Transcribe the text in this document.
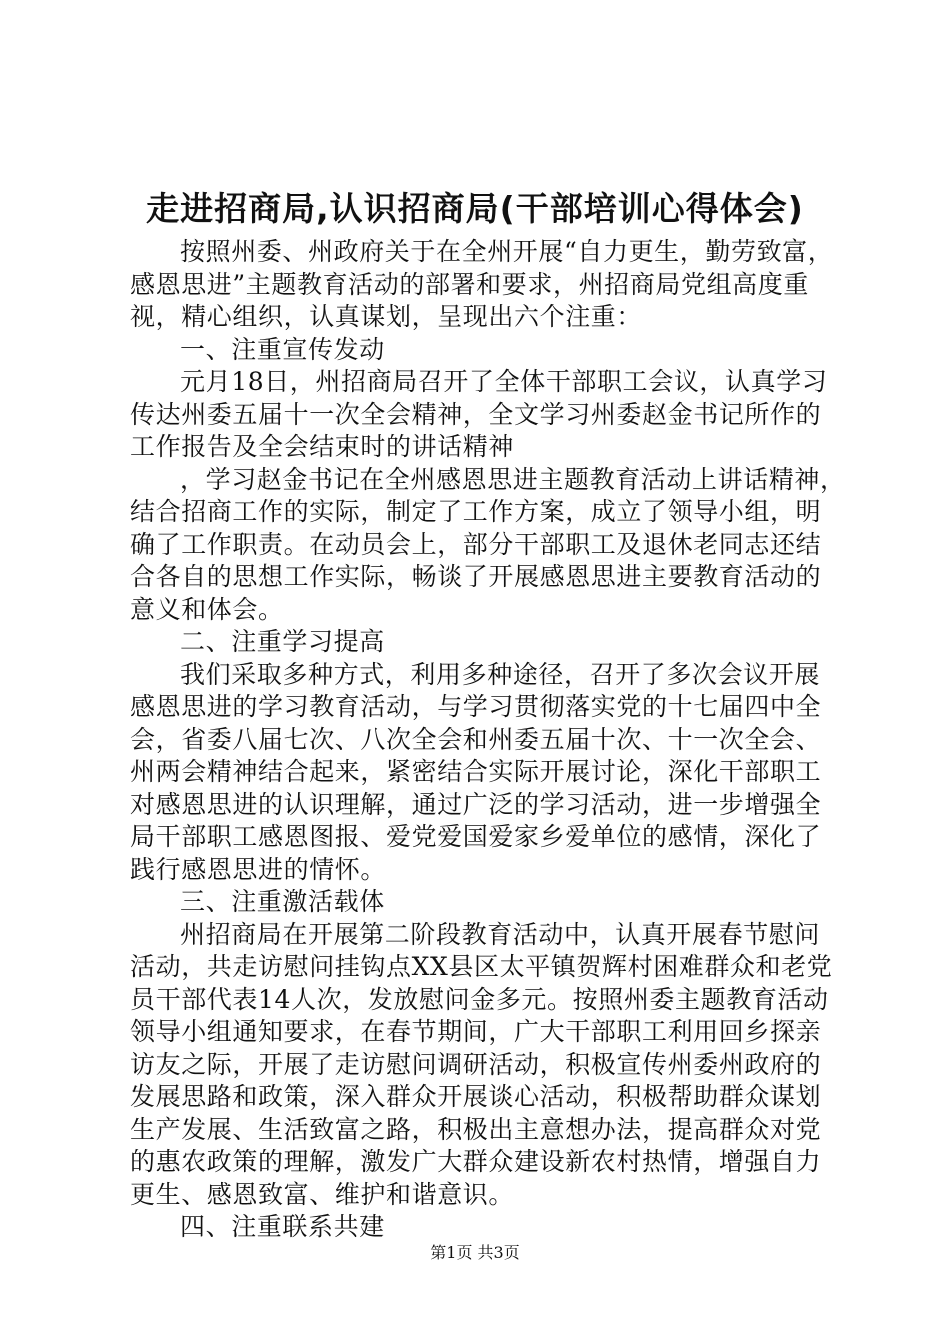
走进招商局,认识招商局(干部培训心得体会)
按照州委、州政府关于在全州开展“自力更生，勤劳致富，
感恩思进”主题教育活动的部署和要求，州招商局党组高度重
视，精心组织，认真谋划，呈现出六个注重：
一、注重宣传发动
元月18日，州招商局召开了全体干部职工会议，认真学习
传达州委五届十一次全会精神，全文学习州委赵金书记所作的
工作报告及全会结束时的讲话精神
，学习赵金书记在全州感恩思进主题教育活动上讲话精神，
结合招商工作的实际，制定了工作方案，成立了领导小组，明
确了工作职责。在动员会上，部分干部职工及退休老同志还结
合各自的思想工作实际，畅谈了开展感恩思进主要教育活动的
意义和体会。
二、注重学习提高
我们采取多种方式，利用多种途径，召开了多次会议开展
感恩思进的学习教育活动，与学习贯彻落实党的十七届四中全
会，省委八届七次、八次全会和州委五届十次、十一次全会、
州两会精神结合起来，紧密结合实际开展讨论，深化干部职工
对感恩思进的认识理解，通过广泛的学习活动，进一步增强全
局干部职工感恩图报、爱党爱国爱家乡爱单位的感情，深化了
践行感恩思进的情怀。
三、注重激活载体
州招商局在开展第二阶段教育活动中，认真开展春节慰问
活动，共走访慰问挂钩点XX县区太平镇贺辉村困难群众和老党
员干部代表14人次，发放慰问金多元。按照州委主题教育活动
领导小组通知要求，在春节期间，广大干部职工利用回乡探亲
访友之际，开展了走访慰问调研活动，积极宣传州委州政府的
发展思路和政策，深入群众开展谈心活动，积极帮助群众谋划
生产发展、生活致富之路，积极出主意想办法，提高群众对党
的惠农政策的理解，激发广大群众建设新农村热情，增强自力
更生、感恩致富、维护和谐意识。
四、注重联系共建
第1页 共3页
